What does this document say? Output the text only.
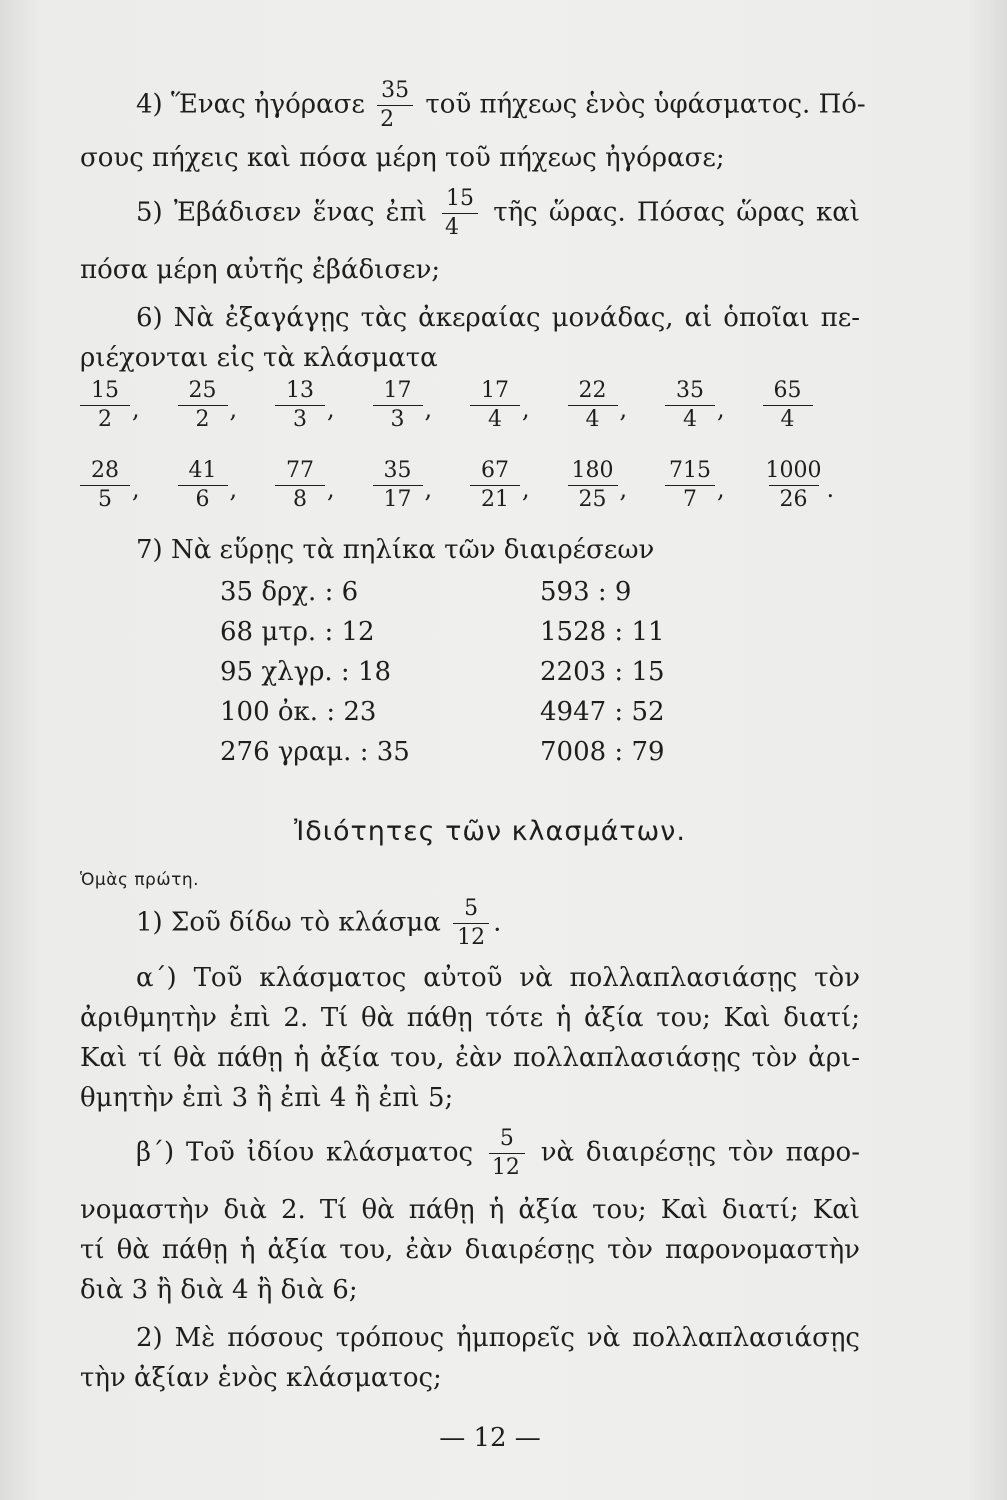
4) Ἕνας ἠγόρασε $\frac{35}{2}$ τοῦ πήχεως ἑνὸς ὑφάσματος. Πό-
σους πήχεις καὶ πόσα μέρη τοῦ πήχεως ἠγόρασε;
5) Ἐβάδισεν ἕνας ἐπὶ $\frac{15}{4}$ τῆς ὥρας. Πόσας ὥρας καὶ
πόσα μέρη αὐτῆς ἐβάδισεν;
6) Νὰ ἐξαγάγῃς τὰς ἀκεραίας μονάδας, αἱ ὁποῖαι πε-
ριέχονται εἰς τὰ κλάσματα
$\frac{15}{2}$ , $\frac{25}{2}$ , $\frac{13}{3}$ , $\frac{17}{3}$ , $\frac{17}{4}$ , $\frac{22}{4}$ , $\frac{35}{4}$ , $\frac{65}{4}$
$\frac{28}{5}$ , $\frac{41}{6}$ , $\frac{77}{8}$ , $\frac{35}{17}$ , $\frac{67}{21}$ , $\frac{180}{25}$ , $\frac{715}{7}$ , $\frac{1000}{26}$ .
7) Νὰ εὕρῃς τὰ πηλίκα τῶν διαιρέσεων
35 δρχ. : 6	593 : 9
68 μτρ. : 12	1528 : 11
95 χλγρ. : 18	2203 : 15
100 ὀκ. : 23	4947 : 52
276 γραμ. : 35	7008 : 79
Ἰδιότητες τῶν κλασμάτων.
Ὁμὰς πρώτη.
1) Σοῦ δίδω τὸ κλάσμα $\frac{5}{12}$ .
α΄) Τοῦ κλάσματος αὐτοῦ νὰ πολλαπλασιάσῃς τὸν
ἀριθμητὴν ἐπὶ 2. Τί θὰ πάθῃ τότε ἡ ἀξία του; Καὶ διατί;
Καὶ τί θὰ πάθῃ ἡ ἀξία του, ἐὰν πολλαπλασιάσῃς τὸν ἀρι-
θμητὴν ἐπὶ 3 ἢ ἐπὶ 4 ἢ ἐπὶ 5;
β΄) Τοῦ ἰδίου κλάσματος $\frac{5}{12}$ νὰ διαιρέσῃς τὸν παρο-
νομαστὴν διὰ 2. Τί θὰ πάθῃ ἡ ἀξία του; Καὶ διατί; Καὶ
τί θὰ πάθῃ ἡ ἀξία του, ἐὰν διαιρέσῃς τὸν παρονομαστὴν
διὰ 3 ἢ διὰ 4 ἢ διὰ 6;
2) Μὲ πόσους τρόπους ἠμπορεῖς νὰ πολλαπλασιάσῃς
τὴν ἀξίαν ἑνὸς κλάσματος;
— 12 —
